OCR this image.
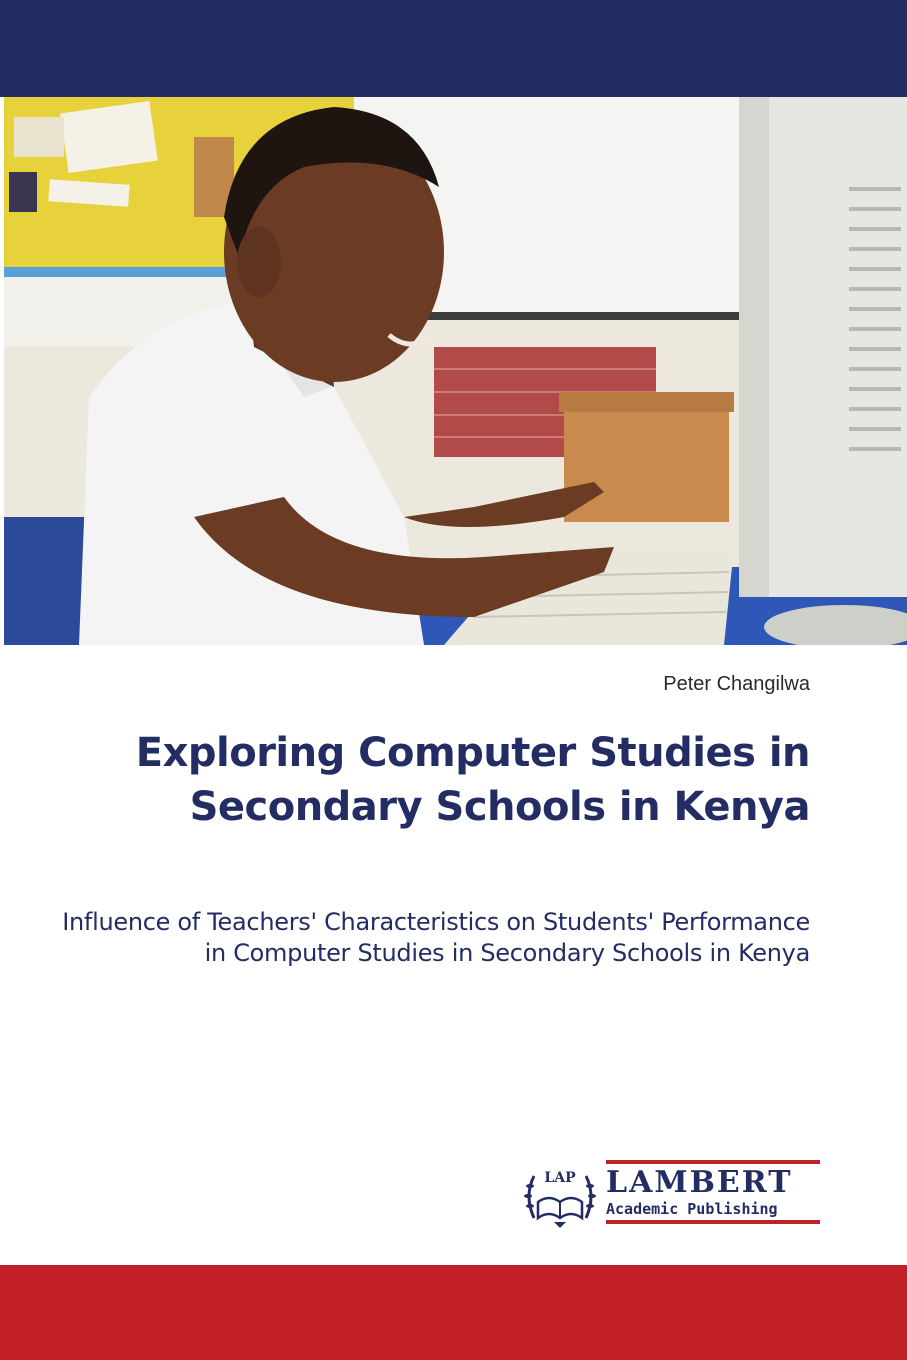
Peter Changilwa
Exploring Computer Studies in Secondary Schools in Kenya
Influence of Teachers' Characteristics on Students' Performance in Computer Studies in Secondary Schools in Kenya
LAP LAMBERT
Academic Publishing
